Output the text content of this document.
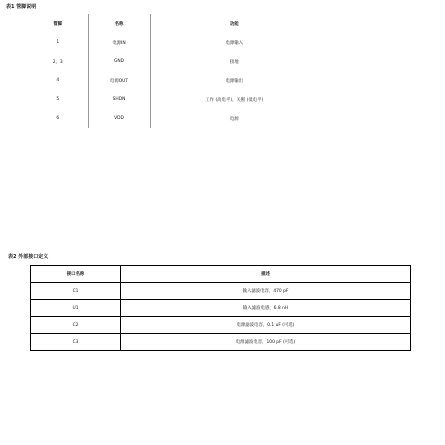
表1 管脚说明
管脚	名称	功能
1	电源IN	电源输入
2、3	GND	接地
4	电源OUT	电源输出
5	SHDN	工作 (高电平)、关断 (低电平)
6	VDD	电源
表2 外部接口定义
接口名称	描述
C1	输入滤波电容，470 pF
U1	输入滤波电感，6.8 nH
C2	电源滤波电容，0.1 uF (可选)
C3	电源滤波电容，100 pF (可选)
